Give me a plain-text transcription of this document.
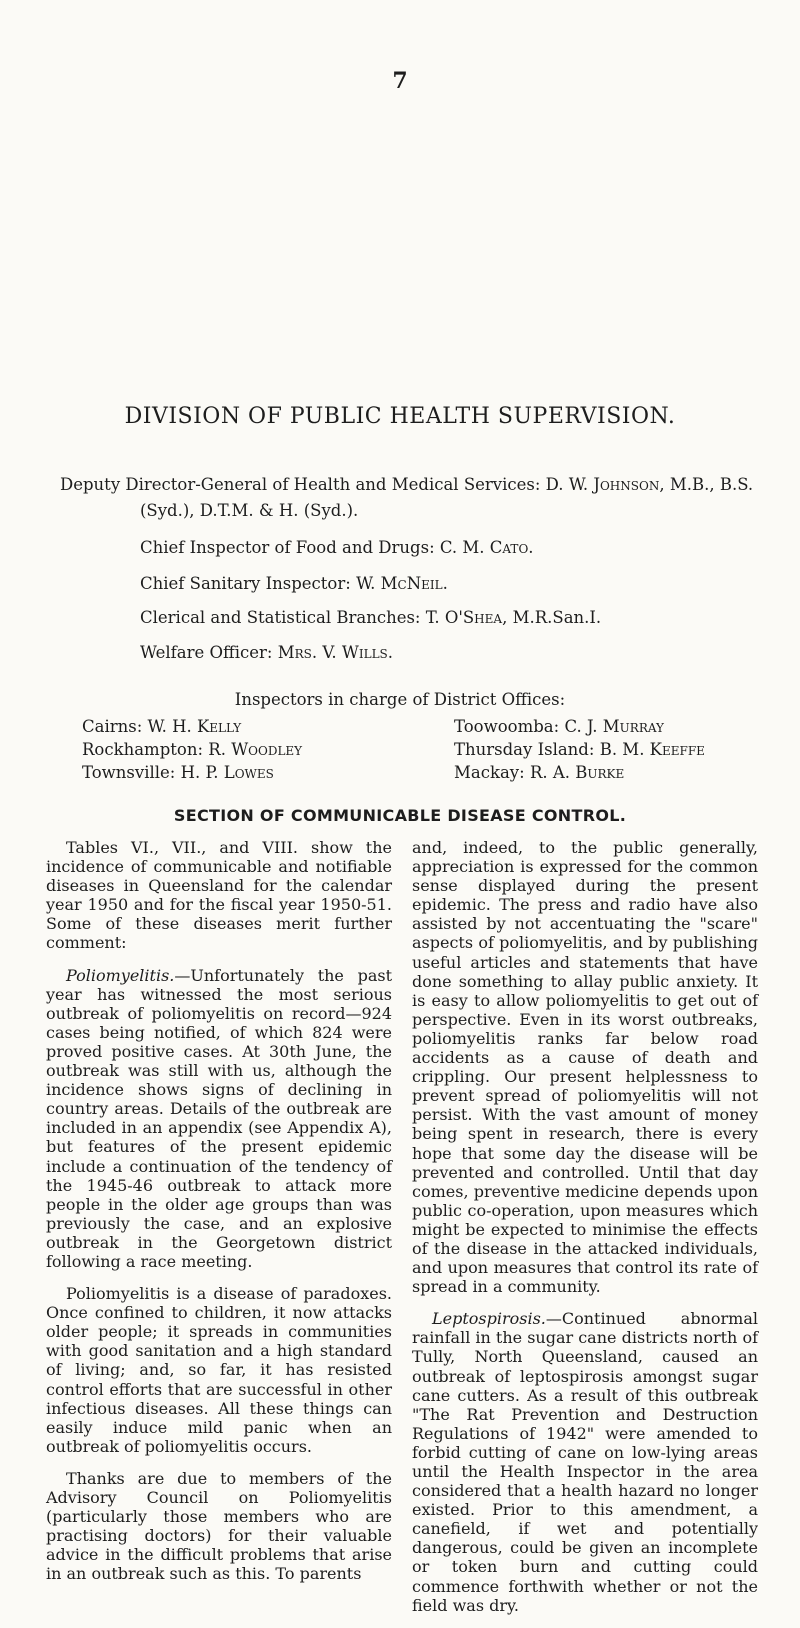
7
DIVISION OF PUBLIC HEALTH SUPERVISION.
Deputy Director-General of Health and Medical Services: D. W. Johnson, M.B., B.S.
(Syd.), D.T.M. & H. (Syd.).
Chief Inspector of Food and Drugs: C. M. Cato.
Chief Sanitary Inspector: W. McNeil.
Clerical and Statistical Branches: T. O'Shea, M.R.San.I.
Welfare Officer: Mrs. V. Wills.
Inspectors in charge of District Offices:
Cairns: W. H. Kelly
Rockhampton: R. Woodley
Townsville: H. P. Lowes
Toowoomba: C. J. Murray
Thursday Island: B. M. Keeffe
Mackay: R. A. Burke
SECTION OF COMMUNICABLE DISEASE CONTROL.

Tables VI., VII., and VIII. show the incidence of communicable and notifiable diseases in Queensland for the calendar year 1950 and for the fiscal year 1950-51. Some of these diseases merit further comment:

Poliomyelitis.—Unfortunately the past year has witnessed the most serious outbreak of poliomyelitis on record—924 cases being notified, of which 824 were proved positive cases. At 30th June, the outbreak was still with us, although the incidence shows signs of declining in country areas. Details of the outbreak are included in an appendix (see Appendix A), but features of the present epidemic include a continuation of the tendency of the 1945-46 outbreak to attack more people in the older age groups than was previously the case, and an explosive outbreak in the Georgetown district following a race meeting.

Poliomyelitis is a disease of paradoxes. Once confined to children, it now attacks older people; it spreads in communities with good sanitation and a high standard of living; and, so far, it has resisted control efforts that are successful in other infectious diseases. All these things can easily induce mild panic when an outbreak of poliomyelitis occurs.

Thanks are due to members of the Advisory Council on Poliomyelitis (particularly those members who are practising doctors) for their valuable advice in the difficult problems that arise in an outbreak such as this. To parents

and, indeed, to the public generally, appreciation is expressed for the common sense displayed during the present epidemic. The press and radio have also assisted by not accentuating the "scare" aspects of poliomyelitis, and by publishing useful articles and statements that have done something to allay public anxiety. It is easy to allow poliomyelitis to get out of perspective. Even in its worst outbreaks, poliomyelitis ranks far below road accidents as a cause of death and crippling. Our present helplessness to prevent spread of poliomyelitis will not persist. With the vast amount of money being spent in research, there is every hope that some day the disease will be prevented and controlled. Until that day comes, preventive medicine depends upon public co-operation, upon measures which might be expected to minimise the effects of the disease in the attacked individuals, and upon measures that control its rate of spread in a community.

Leptospirosis.—Continued abnormal rainfall in the sugar cane districts north of Tully, North Queensland, caused an outbreak of leptospirosis amongst sugar cane cutters. As a result of this outbreak "The Rat Prevention and Destruction Regulations of 1942" were amended to forbid cutting of cane on low-lying areas until the Health Inspector in the area considered that a health hazard no longer existed. Prior to this amendment, a canefield, if wet and potentially dangerous, could be given an incomplete or token burn and cutting could commence forthwith whether or not the field was dry.
